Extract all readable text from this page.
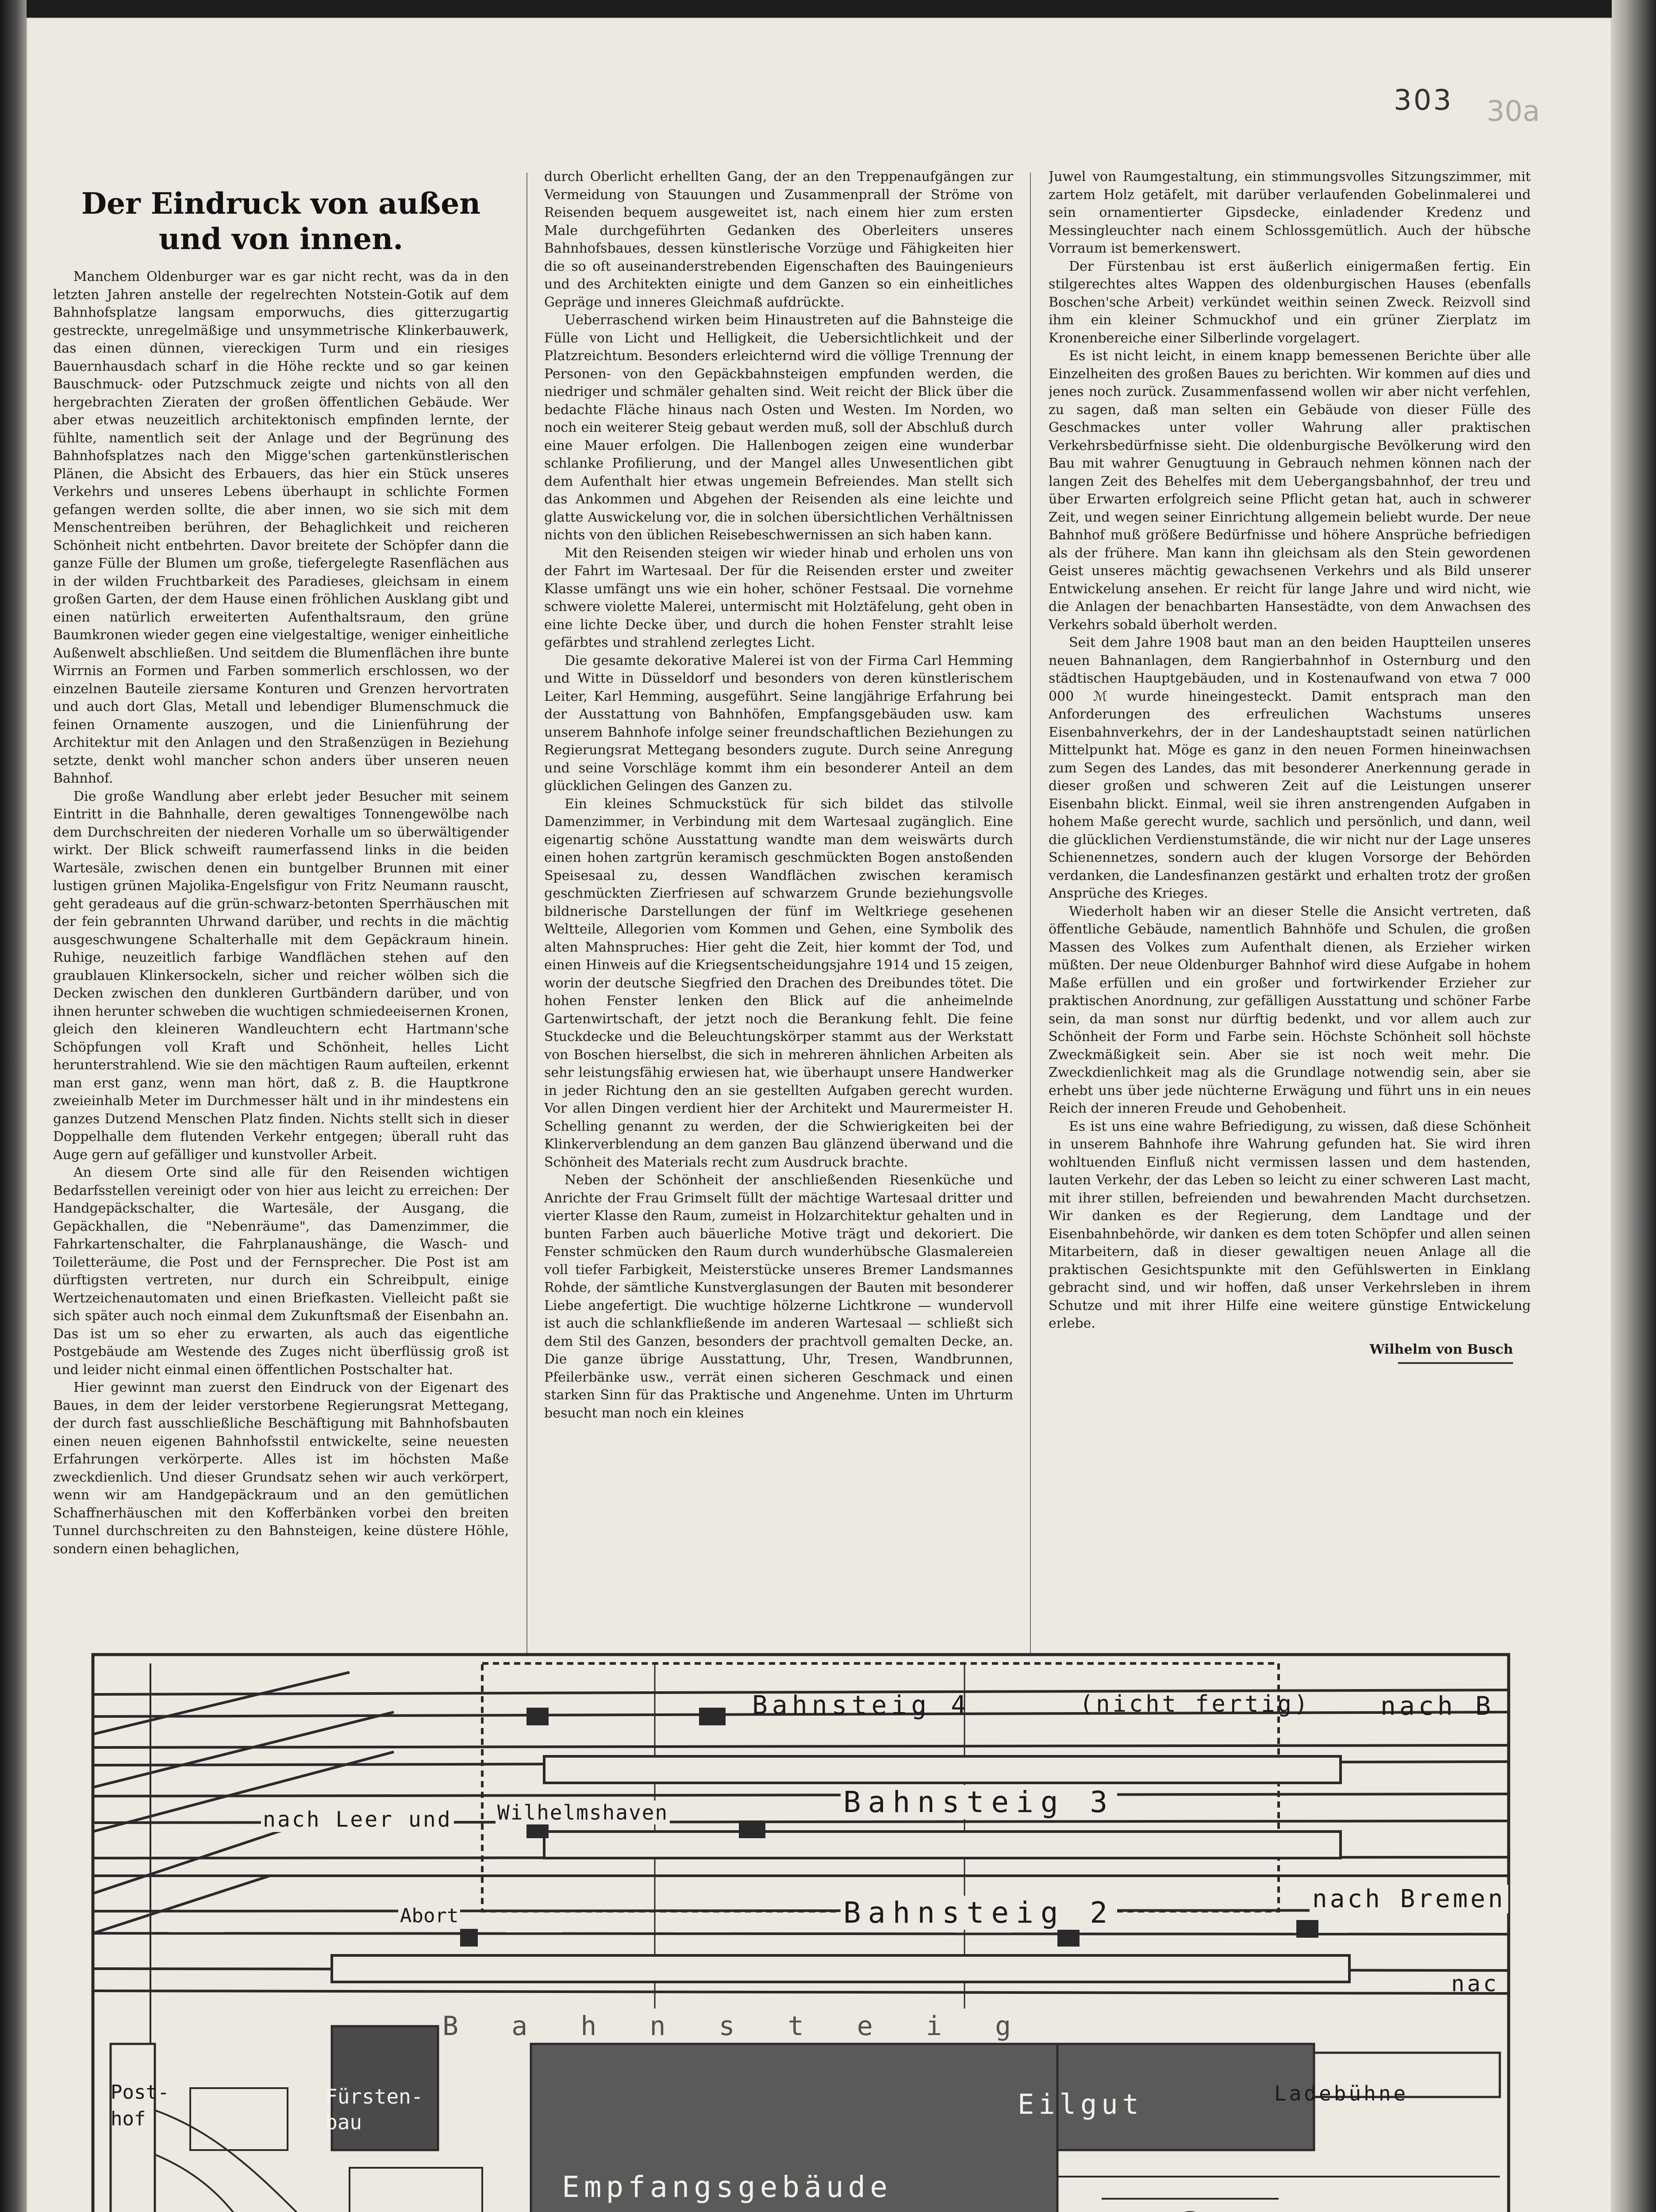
303 30a
Der Eindruck von außen und von innen.

Manchem Oldenburger war es gar nicht recht, was da in den letzten Jahren anstelle der regelrechten Notstein-Gotik auf dem Bahnhofsplatze langsam emporwuchs, dies gitterzugartig gestreckte, unregelmäßige und unsymmetrische Klinkerbauwerk, das einen dünnen, viereckigen Turm und ein riesiges Bauernhausdach scharf in die Höhe reckte und so gar keinen Bauschmuck- oder Putzschmuck zeigte und nichts von all den hergebrachten Zieraten der großen öffentlichen Gebäude. Wer aber etwas neuzeitlich architektonisch empfinden lernte, der fühlte, namentlich seit der Anlage und der Begrünung des Bahnhofsplatzes nach den Migge'schen gartenkünstlerischen Plänen, die Absicht des Erbauers, das hier ein Stück unseres Verkehrs und unseres Lebens überhaupt in schlichte Formen gefangen werden sollte, die aber innen, wo sie sich mit dem Menschentreiben berühren, der Behaglichkeit und reicheren Schönheit nicht entbehrten. Davor breitete der Schöpfer dann die ganze Fülle der Blumen um große, tiefergelegte Rasenflächen aus in der wilden Fruchtbarkeit des Paradieses, gleichsam in einem großen Garten, der dem Hause einen fröhlichen Ausklang gibt und einen natürlich erweiterten Aufenthaltsraum, den grüne Baumkronen wieder gegen eine vielgestaltige, weniger einheitliche Außenwelt abschließen. Und seitdem die Blumenflächen ihre bunte Wirrnis an Formen und Farben sommerlich erschlossen, wo der einzelnen Bauteile ziersame Konturen und Grenzen hervortraten und auch dort Glas, Metall und lebendiger Blumenschmuck die feinen Ornamente auszogen, und die Linienführung der Architektur mit den Anlagen und den Straßenzügen in Beziehung setzte, denkt wohl mancher schon anders über unseren neuen Bahnhof.

Die große Wandlung aber erlebt jeder Besucher mit seinem Eintritt in die Bahnhalle, deren gewaltiges Tonnengewölbe nach dem Durchschreiten der niederen Vorhalle um so überwältigender wirkt. Der Blick schweift raumerfassend links in die beiden Wartesäle, zwischen denen ein buntgelber Brunnen mit einer lustigen grünen Majolika-Engelsfigur von Fritz Neumann rauscht, geht geradeaus auf die grün-schwarz-betonten Sperrhäuschen mit der fein gebrannten Uhrwand darüber, und rechts in die mächtig ausgeschwungene Schalterhalle mit dem Gepäckraum hinein. Ruhige, neuzeitlich farbige Wandflächen stehen auf den graublauen Klinkersockeln, sicher und reicher wölben sich die Decken zwischen den dunkleren Gurtbändern darüber, und von ihnen herunter schweben die wuchtigen schmiedeeisernen Kronen, gleich den kleineren Wandleuchtern echt Hartmann'sche Schöpfungen voll Kraft und Schönheit, helles Licht herunterstrahlend. Wie sie den mächtigen Raum aufteilen, erkennt man erst ganz, wenn man hört, daß z. B. die Hauptkrone zweieinhalb Meter im Durchmesser hält und in ihr mindestens ein ganzes Dutzend Menschen Platz finden. Nichts stellt sich in dieser Doppelhalle dem flutenden Verkehr entgegen; überall ruht das Auge gern auf gefälliger und kunstvoller Arbeit.

An diesem Orte sind alle für den Reisenden wichtigen Bedarfsstellen vereinigt oder von hier aus leicht zu erreichen: Der Handgepäckschalter, die Wartesäle, der Ausgang, die Gepäckhallen, die "Nebenräume", das Damenzimmer, die Fahrkartenschalter, die Fahrplanaushänge, die Wasch- und Toiletteräume, die Post und der Fernsprecher. Die Post ist am dürftigsten vertreten, nur durch ein Schreibpult, einige Wertzeichenautomaten und einen Briefkasten. Vielleicht paßt sie sich später auch noch einmal dem Zukunftsmaß der Eisenbahn an. Das ist um so eher zu erwarten, als auch das eigentliche Postgebäude am Westende des Zuges nicht überflüssig groß ist und leider nicht einmal einen öffentlichen Postschalter hat.

Hier gewinnt man zuerst den Eindruck von der Eigenart des Baues, in dem der leider verstorbene Regierungsrat Mettegang, der durch fast ausschließliche Beschäftigung mit Bahnhofsbauten einen neuen eigenen Bahnhofsstil entwickelte, seine neuesten Erfahrungen verkörperte. Alles ist im höchsten Maße zweckdienlich. Und dieser Grundsatz sehen wir auch verkörpert, wenn wir am Handgepäckraum und an den gemütlichen Schaffnerhäuschen mit den Kofferbänken vorbei den breiten Tunnel durchschreiten zu den Bahnsteigen, keine düstere Höhle, sondern einen behaglichen,

durch Oberlicht erhellten Gang, der an den Treppenaufgängen zur Vermeidung von Stauungen und Zusammenprall der Ströme von Reisenden bequem ausgeweitet ist, nach einem hier zum ersten Male durchgeführten Gedanken des Oberleiters unseres Bahnhofsbaues, dessen künstlerische Vorzüge und Fähigkeiten hier die so oft auseinanderstrebenden Eigenschaften des Bauingenieurs und des Architekten einigte und dem Ganzen so ein einheitliches Gepräge und inneres Gleichmaß aufdrückte.

Ueberraschend wirken beim Hinaustreten auf die Bahnsteige die Fülle von Licht und Helligkeit, die Uebersichtlichkeit und der Platzreichtum. Besonders erleichternd wird die völlige Trennung der Personen- von den Gepäckbahnsteigen empfunden werden, die niedriger und schmäler gehalten sind. Weit reicht der Blick über die bedachte Fläche hinaus nach Osten und Westen. Im Norden, wo noch ein weiterer Steig gebaut werden muß, soll der Abschluß durch eine Mauer erfolgen. Die Hallenbogen zeigen eine wunderbar schlanke Profilierung, und der Mangel alles Unwesentlichen gibt dem Aufenthalt hier etwas ungemein Befreiendes. Man stellt sich das Ankommen und Abgehen der Reisenden als eine leichte und glatte Auswickelung vor, die in solchen übersichtlichen Verhältnissen nichts von den üblichen Reisebeschwernissen an sich haben kann.

Mit den Reisenden steigen wir wieder hinab und erholen uns von der Fahrt im Wartesaal. Der für die Reisenden erster und zweiter Klasse umfängt uns wie ein hoher, schöner Festsaal. Die vornehme schwere violette Malerei, untermischt mit Holztäfelung, geht oben in eine lichte Decke über, und durch die hohen Fenster strahlt leise gefärbtes und strahlend zerlegtes Licht.

Die gesamte dekorative Malerei ist von der Firma Carl Hemming und Witte in Düsseldorf und besonders von deren künstlerischem Leiter, Karl Hemming, ausgeführt. Seine langjährige Erfahrung bei der Ausstattung von Bahnhöfen, Empfangsgebäuden usw. kam unserem Bahnhofe infolge seiner freundschaftlichen Beziehungen zu Regierungsrat Mettegang besonders zugute. Durch seine Anregung und seine Vorschläge kommt ihm ein besonderer Anteil an dem glücklichen Gelingen des Ganzen zu.

Ein kleines Schmuckstück für sich bildet das stilvolle Damenzimmer, in Verbindung mit dem Wartesaal zugänglich. Eine eigenartig schöne Ausstattung wandte man dem weiswärts durch einen hohen zartgrün keramisch geschmückten Bogen anstoßenden Speisesaal zu, dessen Wandflächen zwischen keramisch geschmückten Zierfriesen auf schwarzem Grunde beziehungsvolle bildnerische Darstellungen der fünf im Weltkriege gesehenen Weltteile, Allegorien vom Kommen und Gehen, eine Symbolik des alten Mahnspruches: Hier geht die Zeit, hier kommt der Tod, und einen Hinweis auf die Kriegsentscheidungsjahre 1914 und 15 zeigen, worin der deutsche Siegfried den Drachen des Dreibundes tötet. Die hohen Fenster lenken den Blick auf die anheimelnde Gartenwirtschaft, der jetzt noch die Berankung fehlt. Die feine Stuckdecke und die Beleuchtungskörper stammt aus der Werkstatt von Boschen hierselbst, die sich in mehreren ähnlichen Arbeiten als sehr leistungsfähig erwiesen hat, wie überhaupt unsere Handwerker in jeder Richtung den an sie gestellten Aufgaben gerecht wurden. Vor allen Dingen verdient hier der Architekt und Maurermeister H. Schelling genannt zu werden, der die Schwierigkeiten bei der Klinkerverblendung an dem ganzen Bau glänzend überwand und die Schönheit des Materials recht zum Ausdruck brachte.

Neben der Schönheit der anschließenden Riesenküche und Anrichte der Frau Grimselt füllt der mächtige Wartesaal dritter und vierter Klasse den Raum, zumeist in Holzarchitektur gehalten und in bunten Farben auch bäuerliche Motive trägt und dekoriert. Die Fenster schmücken den Raum durch wunderhübsche Glasmalereien voll tiefer Farbigkeit, Meisterstücke unseres Bremer Landsmannes Rohde, der sämtliche Kunstverglasungen der Bauten mit besonderer Liebe angefertigt. Die wuchtige hölzerne Lichtkrone — wundervoll ist auch die schlankfließende im anderen Wartesaal — schließt sich dem Stil des Ganzen, besonders der prachtvoll gemalten Decke, an. Die ganze übrige Ausstattung, Uhr, Tresen, Wandbrunnen, Pfeilerbänke usw., verrät einen sicheren Geschmack und einen starken Sinn für das Praktische und Angenehme. Unten im Uhrturm besucht man noch ein kleines

Juwel von Raumgestaltung, ein stimmungsvolles Sitzungszimmer, mit zartem Holz getäfelt, mit darüber verlaufenden Gobelinmalerei und sein ornamentierter Gipsdecke, einladender Kredenz und Messingleuchter nach einem Schlossgemütlich. Auch der hübsche Vorraum ist bemerkenswert.

Der Fürstenbau ist erst äußerlich einigermaßen fertig. Ein stilgerechtes altes Wappen des oldenburgischen Hauses (ebenfalls Boschen'sche Arbeit) verkündet weithin seinen Zweck. Reizvoll sind ihm ein kleiner Schmuckhof und ein grüner Zierplatz im Kronenbereiche einer Silberlinde vorgelagert.

Es ist nicht leicht, in einem knapp bemessenen Berichte über alle Einzelheiten des großen Baues zu berichten. Wir kommen auf dies und jenes noch zurück. Zusammenfassend wollen wir aber nicht verfehlen, zu sagen, daß man selten ein Gebäude von dieser Fülle des Geschmackes unter voller Wahrung aller praktischen Verkehrsbedürfnisse sieht. Die oldenburgische Bevölkerung wird den Bau mit wahrer Genugtuung in Gebrauch nehmen können nach der langen Zeit des Behelfes mit dem Uebergangsbahnhof, der treu und über Erwarten erfolgreich seine Pflicht getan hat, auch in schwerer Zeit, und wegen seiner Einrichtung allgemein beliebt wurde. Der neue Bahnhof muß größere Bedürfnisse und höhere Ansprüche befriedigen als der frühere. Man kann ihn gleichsam als den Stein gewordenen Geist unseres mächtig gewachsenen Verkehrs und als Bild unserer Entwickelung ansehen. Er reicht für lange Jahre und wird nicht, wie die Anlagen der benachbarten Hansestädte, von dem Anwachsen des Verkehrs sobald überholt werden.

Seit dem Jahre 1908 baut man an den beiden Hauptteilen unseres neuen Bahnanlagen, dem Rangierbahnhof in Osternburg und den städtischen Hauptgebäuden, und in Kostenaufwand von etwa 7 000 000 ℳ wurde hineingesteckt. Damit entsprach man den Anforderungen des erfreulichen Wachstums unseres Eisenbahnverkehrs, der in der Landeshauptstadt seinen natürlichen Mittelpunkt hat. Möge es ganz in den neuen Formen hineinwachsen zum Segen des Landes, das mit besonderer Anerkennung gerade in dieser großen und schweren Zeit auf die Leistungen unserer Eisenbahn blickt. Einmal, weil sie ihren anstrengenden Aufgaben in hohem Maße gerecht wurde, sachlich und persönlich, und dann, weil die glücklichen Verdienstumstände, die wir nicht nur der Lage unseres Schienennetzes, sondern auch der klugen Vorsorge der Behörden verdanken, die Landesfinanzen gestärkt und erhalten trotz der großen Ansprüche des Krieges.

Wiederholt haben wir an dieser Stelle die Ansicht vertreten, daß öffentliche Gebäude, namentlich Bahnhöfe und Schulen, die großen Massen des Volkes zum Aufenthalt dienen, als Erzieher wirken müßten. Der neue Oldenburger Bahnhof wird diese Aufgabe in hohem Maße erfüllen und ein großer und fortwirkender Erzieher zur praktischen Anordnung, zur gefälligen Ausstattung und schöner Farbe sein, da man sonst nur dürftig bedenkt, und vor allem auch zur Schönheit der Form und Farbe sein. Höchste Schönheit soll höchste Zweckmäßigkeit sein. Aber sie ist noch weit mehr. Die Zweckdienlichkeit mag als die Grundlage notwendig sein, aber sie erhebt uns über jede nüchterne Erwägung und führt uns in ein neues Reich der inneren Freude und Gehobenheit.

Es ist uns eine wahre Befriedigung, zu wissen, daß diese Schönheit in unserem Bahnhofe ihre Wahrung gefunden hat. Sie wird ihren wohltuenden Einfluß nicht vermissen lassen und dem hastenden, lauten Verkehr, der das Leben so leicht zu einer schweren Last macht, mit ihrer stillen, befreienden und bewahrenden Macht durchsetzen. Wir danken es der Regierung, dem Landtage und der Eisenbahnbehörde, wir danken es dem toten Schöpfer und allen seinen Mitarbeitern, daß in dieser gewaltigen neuen Anlage all die praktischen Gesichtspunkte mit den Gefühlswerten in Einklang gebracht sind, und wir hoffen, daß unser Verkehrsleben in ihrem Schutze und mit ihrer Hilfe eine weitere günstige Entwickelung erlebe.

Wilhelm von Busch
Bahnsteig 4	(nicht fertig)	nach B
Bahnsteig 3
nach Leer und Wilhelmshaven
Abort	Bahnsteig 2	nach Bremen
nac
Bahnsteig
Ladebühne
Post-hof
Fürsten-bau
Empfangsgebäude
Eilgut
